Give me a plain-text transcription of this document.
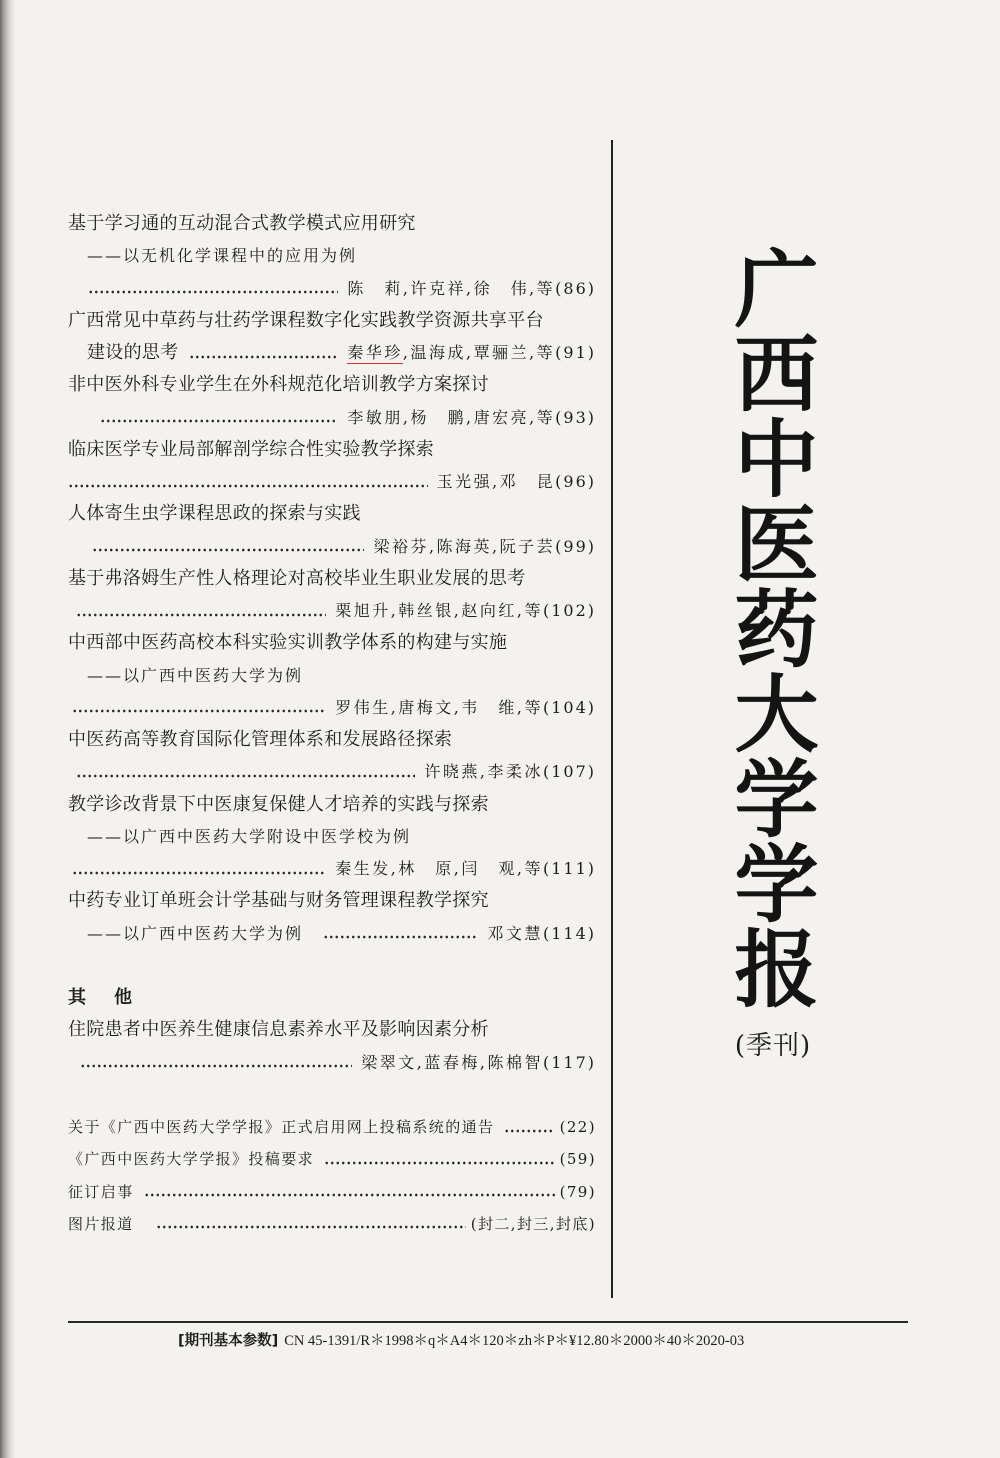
基于学习通的互动混合式教学模式应用研究
——以无机化学课程中的应用为例
陈　莉,许克祥,徐　伟,等 (86)
广西常见中草药与壮药学课程数字化实践教学资源共享平台
建设的思考	秦华珍,温海成,覃骊兰,等 (91)
非中医外科专业学生在外科规范化培训教学方案探讨
李敏朋,杨　鹏,唐宏亮,等 (93)
临床医学专业局部解剖学综合性实验教学探索
玉光强,邓　昆 (96)
人体寄生虫学课程思政的探索与实践
梁裕芬,陈海英,阮子芸 (99)
基于弗洛姆生产性人格理论对高校毕业生职业发展的思考
栗旭升,韩丝银,赵向红,等 (102)
中西部中医药高校本科实验实训教学体系的构建与实施
——以广西中医药大学为例
罗伟生,唐梅文,韦　维,等 (104)
中医药高等教育国际化管理体系和发展路径探索
许晓燕,李柔冰 (107)
教学诊改背景下中医康复保健人才培养的实践与探索
——以广西中医药大学附设中医学校为例
秦生发,林　原,闫　观,等 (111)
中药专业订单班会计学基础与财务管理课程教学探究
——以广西中医药大学为例	邓文慧 (114)
其　他
住院患者中医养生健康信息素养水平及影响因素分析
梁翠文,蓝春梅,陈棉智 (117)
关于《广西中医药大学学报》正式启用网上投稿系统的通告	(22)
《广西中医药大学学报》投稿要求	(59)
征订启事	(79)
图片报道	(封二,封三,封底)
广西中医药大学学报
(季刊)
[期刊基本参数] CN 45-1391/R＊1998＊q＊A4＊120＊zh＊P＊¥12.80＊2000＊40＊2020-03
